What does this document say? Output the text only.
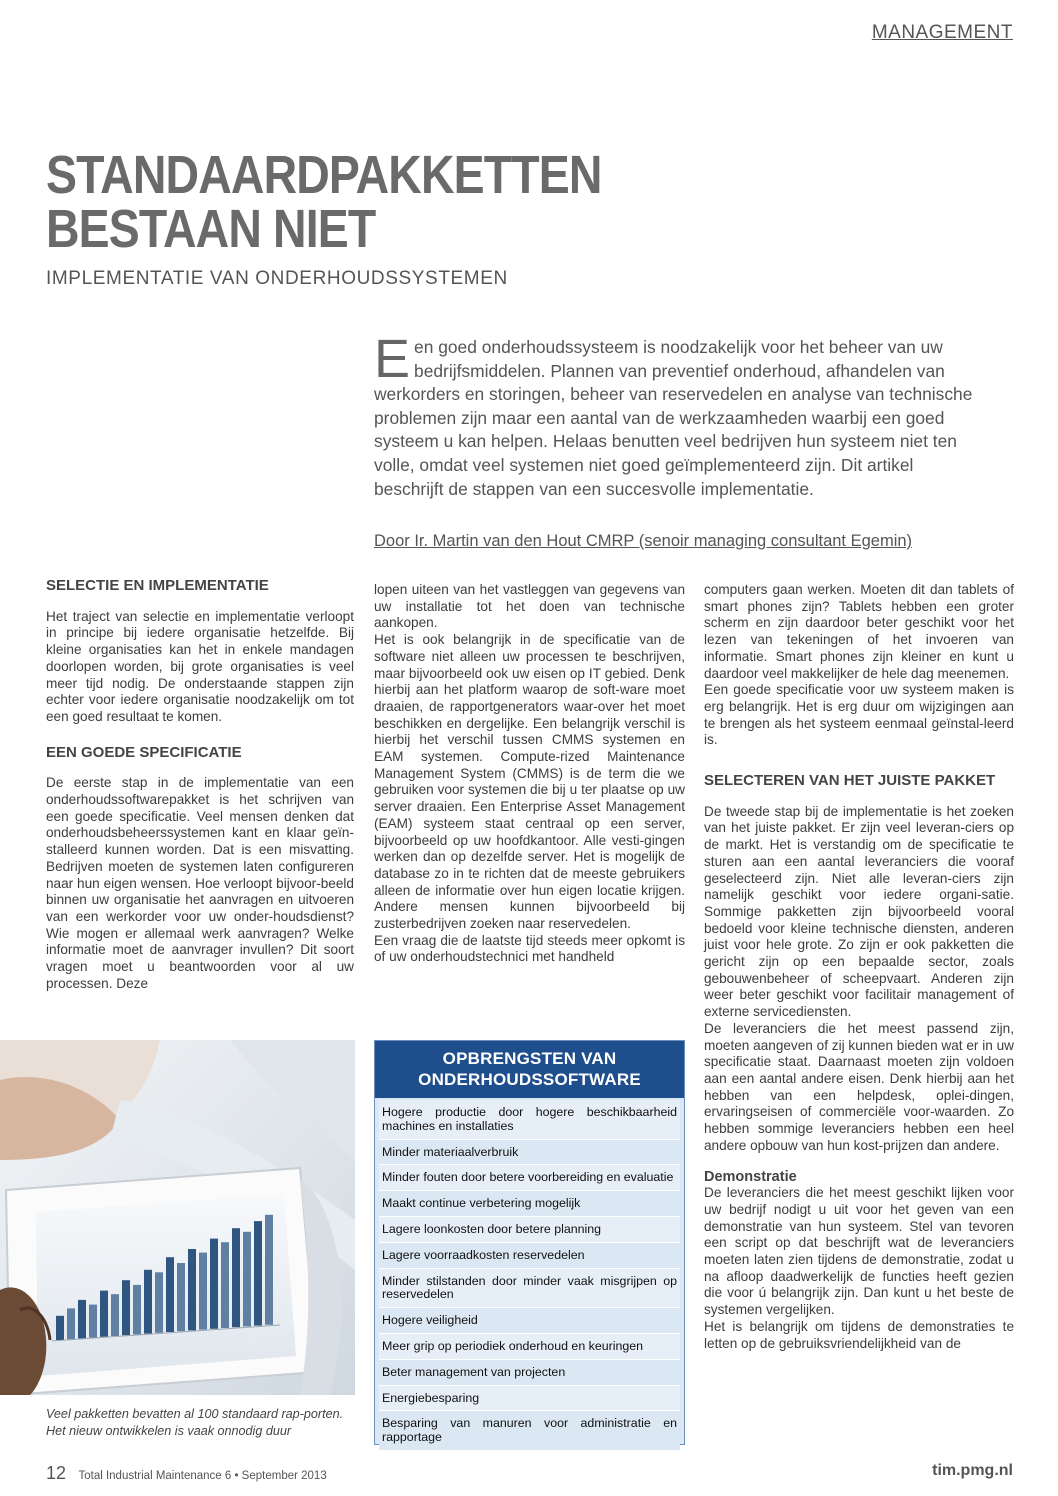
MANAGEMENT
STANDAARDPAKKETTEN
BESTAAN NIET
IMPLEMENTATIE VAN ONDERHOUDSSYSTEMEN
Een goed onderhoudssysteem is noodzakelijk voor het beheer van uw bedrijfsmiddelen. Plannen van preventief onderhoud, afhandelen van werkorders en storingen, beheer van reservedelen en analyse van technische problemen zijn maar een aantal van de werkzaamheden waarbij een goed systeem u kan helpen. Helaas benutten veel bedrijven hun systeem niet ten volle, omdat veel systemen niet goed geïmplementeerd zijn. Dit artikel beschrijft de stappen van een succesvolle implementatie.
Door Ir. Martin van den Hout CMRP (senoir managing consultant Egemin)
SELECTIE EN IMPLEMENTATIE

Het traject van selectie en implementatie verloopt in principe bij iedere organisatie hetzelfde. Bij kleine organisaties kan het in enkele mandagen doorlopen worden, bij grote organisaties is veel meer tijd nodig. De onderstaande stappen zijn echter voor iedere organisatie noodzakelijk om tot een goed resultaat te komen.

EEN GOEDE SPECIFICATIE

De eerste stap in de implementatie van een onderhoudssoftwarepakket is het schrijven van een goede specificatie. Veel mensen denken dat onderhoudsbeheerssystemen kant en klaar geïn-stalleerd kunnen worden. Dat is een misvatting. Bedrijven moeten de systemen laten configureren naar hun eigen wensen. Hoe verloopt bijvoor-beeld binnen uw organisatie het aanvragen en uitvoeren van een werkorder voor uw onder-houdsdienst? Wie mogen er allemaal werk aanvragen? Welke informatie moet de aanvrager invullen? Dit soort vragen moet u beantwoorden voor al uw processen. Deze

Veel pakketten bevatten al 100 standaard rap-porten. Het nieuw ontwikkelen is vaak onnodig duur

lopen uiteen van het vastleggen van gegevens van uw installatie tot het doen van technische aankopen.

Het is ook belangrijk in de specificatie van de software niet alleen uw processen te beschrijven, maar bijvoorbeeld ook uw eisen op IT gebied. Denk hierbij aan het platform waarop de soft-ware moet draaien, de rapportgenerators waar-over het moet beschikken en dergelijke. Een belangrijk verschil is hierbij het verschil tussen CMMS systemen en EAM systemen. Compute-rized Maintenance Management System (CMMS) is de term die we gebruiken voor systemen die bij u ter plaatse op uw server draaien. Een Enterprise Asset Management (EAM) systeem staat centraal op een server, bijvoorbeeld op uw hoofdkantoor. Alle vesti-gingen werken dan op dezelfde server. Het is mogelijk de database zo in te richten dat de meeste gebruikers alleen de informatie over hun eigen locatie krijgen. Andere mensen kunnen bijvoorbeeld bij zusterbedrijven zoeken naar reservedelen.

Een vraag die de laatste tijd steeds meer opkomt is of uw onderhoudstechnici met handheld

OPBRENGSTEN VAN
ONDERHOUDSSOFTWARE
Hogere productie door hogere beschikbaarheid machines en installaties
Minder materiaalverbruik
Minder fouten door betere voorbereiding en evaluatie
Maakt continue verbetering mogelijk
Lagere loonkosten door betere planning
Lagere voorraadkosten reservedelen
Minder stilstanden door minder vaak misgrijpen op reservedelen
Hogere veiligheid
Meer grip op periodiek onderhoud en keuringen
Beter management van projecten
Energiebesparing
Besparing van manuren voor administratie en rapportage

computers gaan werken. Moeten dit dan tablets of smart phones zijn? Tablets hebben een groter scherm en zijn daardoor beter geschikt voor het lezen van tekeningen of het invoeren van informatie. Smart phones zijn kleiner en kunt u daardoor veel makkelijker de hele dag meenemen.

Een goede specificatie voor uw systeem maken is erg belangrijk. Het is erg duur om wijzigingen aan te brengen als het systeem eenmaal geïnstal-leerd is.

SELECTEREN VAN HET JUISTE PAKKET

De tweede stap bij de implementatie is het zoeken van het juiste pakket. Er zijn veel leveran-ciers op de markt. Het is verstandig om de specificatie te sturen aan een aantal leveranciers die vooraf geselecteerd zijn. Niet alle leveran-ciers zijn namelijk geschikt voor iedere organi-satie. Sommige pakketten zijn bijvoorbeeld vooral bedoeld voor kleine technische diensten, anderen juist voor hele grote. Zo zijn er ook pakketten die gericht zijn op een bepaalde sector, zoals gebouwenbeheer of scheepvaart. Anderen zijn weer beter geschikt voor facilitair management of externe servicediensten.

De leveranciers die het meest passend zijn, moeten aangeven of zij kunnen bieden wat er in uw specificatie staat. Daarnaast moeten zijn voldoen aan een aantal andere eisen. Denk hierbij aan het hebben van een helpdesk, oplei-dingen, ervaringseisen of commerciële voor-waarden. Zo hebben sommige leveranciers hebben een heel andere opbouw van hun kost-prijzen dan andere.

Demonstratie

De leveranciers die het meest geschikt lijken voor uw bedrijf nodigt u uit voor het geven van een demonstratie van hun systeem. Stel van tevoren een script op dat beschrijft wat de leveranciers moeten laten zien tijdens de demonstratie, zodat u na afloop daadwerkelijk de functies heeft gezien die voor ú belangrijk zijn. Dan kunt u het beste de systemen vergelijken.

Het is belangrijk om tijdens de demonstraties te letten op de gebruiksvriendelijkheid van de

12 Total Industrial Maintenance 6 • September 2013	tim.pmg.nl
